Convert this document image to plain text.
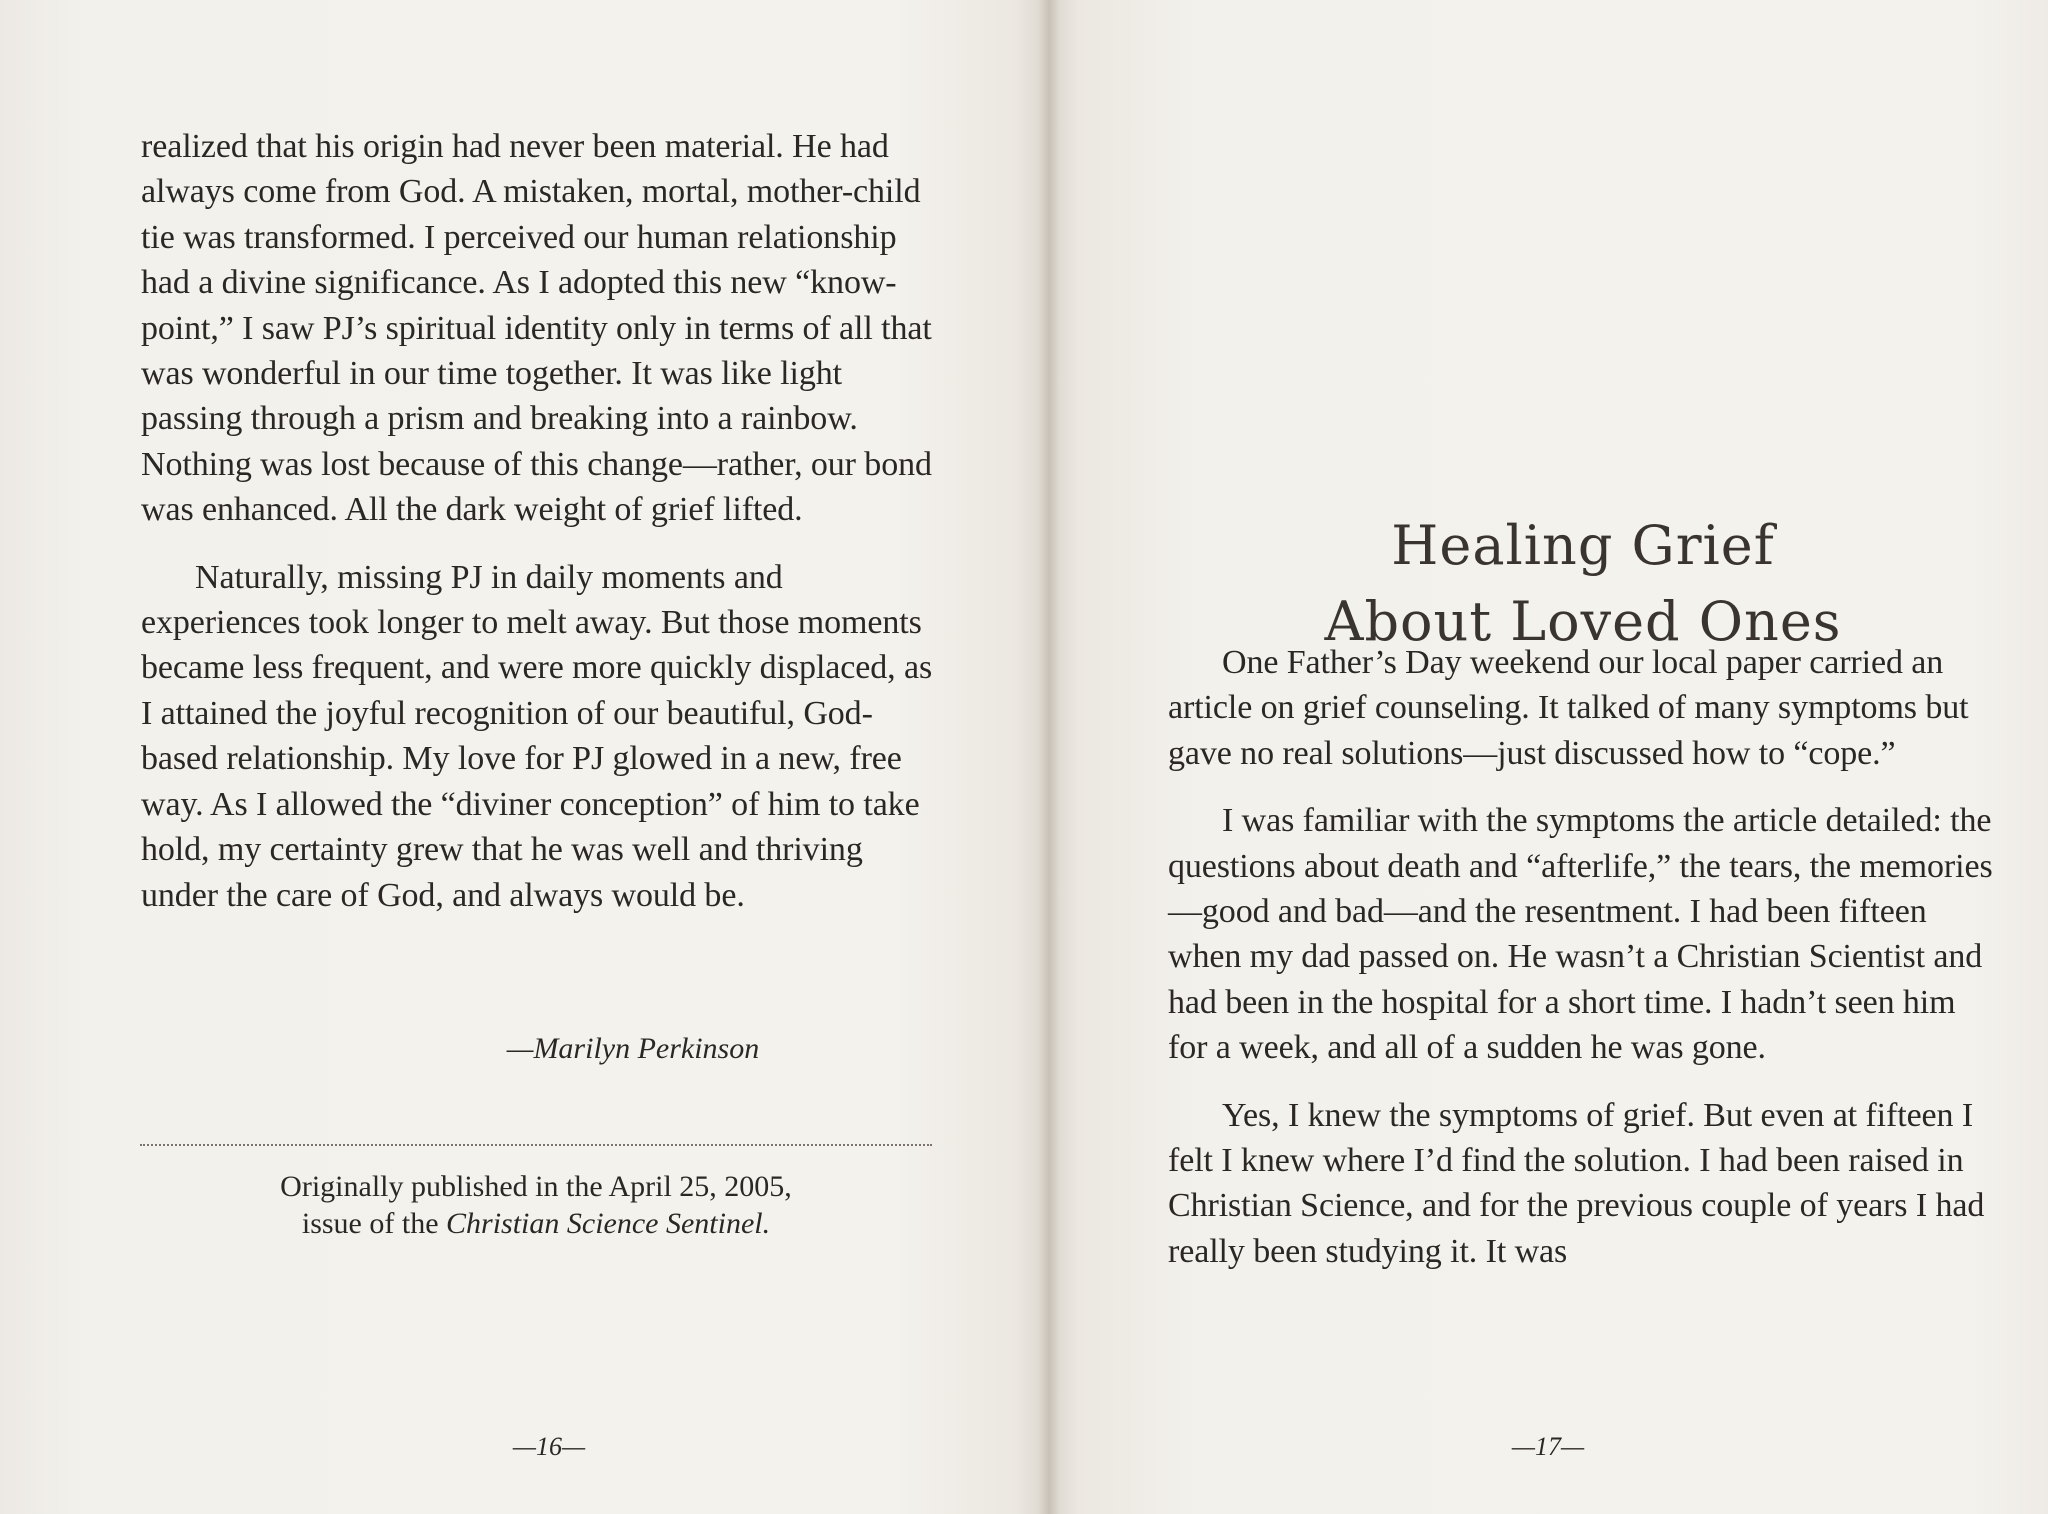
realized that his origin had never been material. He had always come from God. A mistaken, mortal, mother-child tie was transformed. I perceived our human relationship had a divine significance. As I adopted this new “know-point,” I saw PJ’s spiritual identity only in terms of all that was wonderful in our time together. It was like light passing through a prism and breaking into a rainbow. Nothing was lost because of this change—rather, our bond was enhanced. All the dark weight of grief lifted.

Naturally, missing PJ in daily moments and experiences took longer to melt away. But those moments became less frequent, and were more quickly displaced, as I attained the joyful recognition of our beautiful, God-based relationship. My love for PJ glowed in a new, free way. As I allowed the “diviner conception” of him to take hold, my certainty grew that he was well and thriving under the care of God, and always would be.

—Marilyn Perkinson
Originally published in the April 25, 2005,
issue of the Christian Science Sentinel.
—16—
Healing Grief
About Loved Ones

One Father’s Day weekend our local paper carried an article on grief counseling. It talked of many symptoms but gave no real solutions—just discussed how to “cope.”

I was familiar with the symptoms the article detailed: the questions about death and “afterlife,” the tears, the memories—good and bad—and the resentment. I had been fifteen when my dad passed on. He wasn’t a Christian Scientist and had been in the hospital for a short time. I hadn’t seen him for a week, and all of a sudden he was gone.

Yes, I knew the symptoms of grief. But even at fifteen I felt I knew where I’d find the solution. I had been raised in Christian Science, and for the previous couple of years I had really been studying it. It was

—17—
